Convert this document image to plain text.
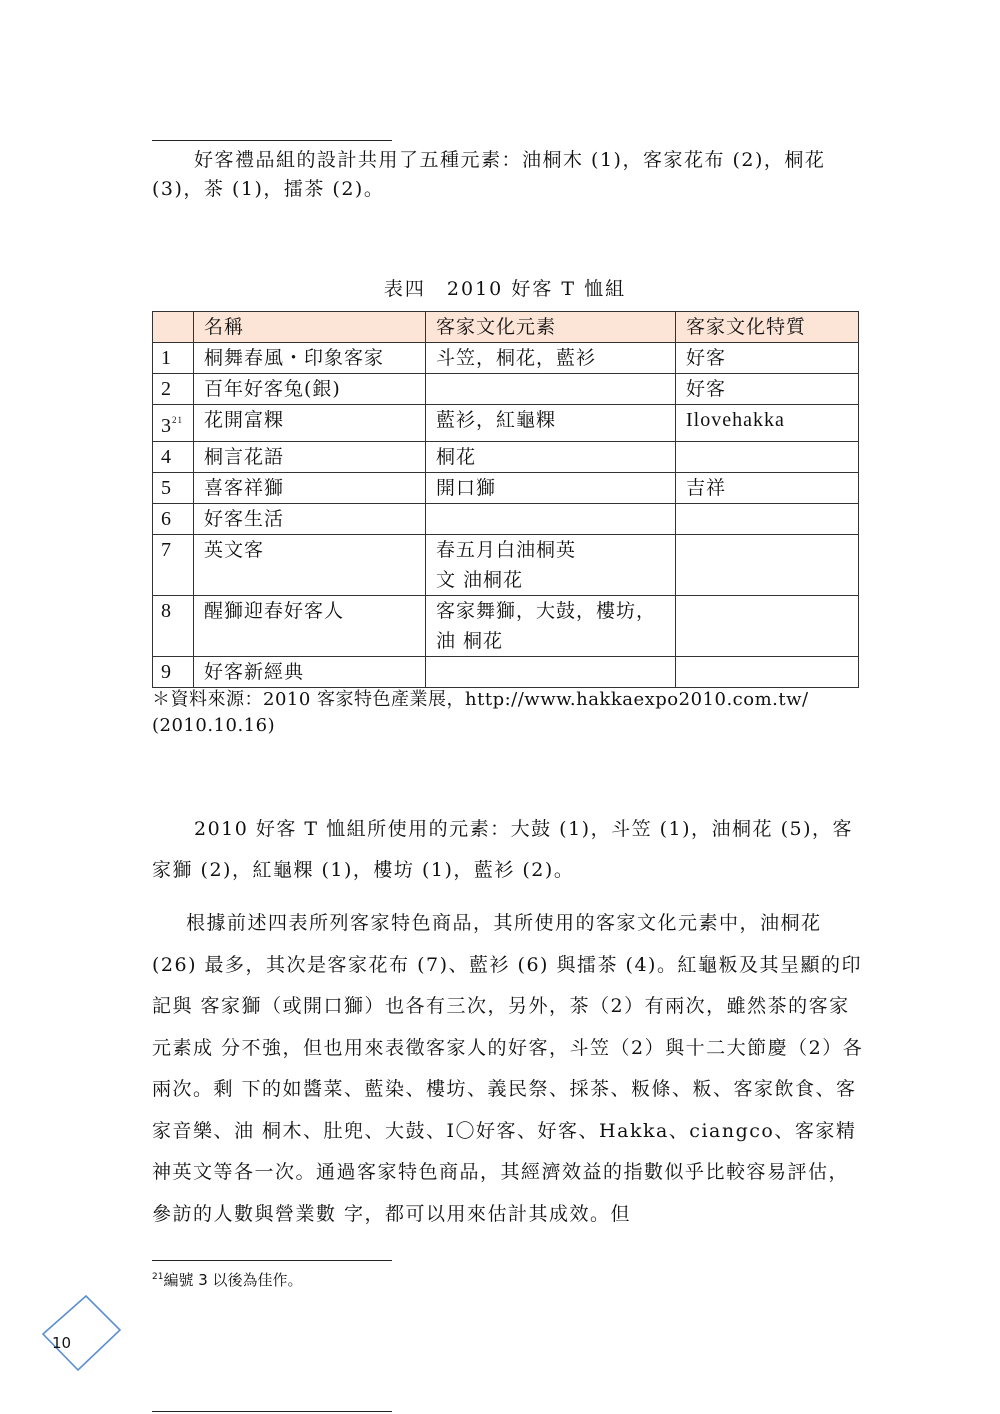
好客禮品組的設計共用了五種元素：油桐木 (1)，客家花布 (2)，桐花 (3)，茶 (1)，擂茶 (2)。

表四　2010 好客 T 恤組
	名稱	客家文化元素	客家文化特質
1	桐舞春風・印象客家	斗笠，桐花，藍衫	好客
2	百年好客兔(銀)		好客
3$^{21}$	花開富粿	藍衫，紅龜粿	Ilovehakka
4	桐言花語	桐花	
5	喜客祥獅	開口獅	吉祥
6	好客生活		
7	英文客	春五月白油桐英
文 油桐花	
8	醒獅迎春好客人	客家舞獅，大鼓，樓坊，
油 桐花	
9	好客新經典		

＊資料來源：2010 客家特色產業展，http://www.hakkaexpo2010.com.tw/

(2010.10.16)

2010 好客 T 恤組所使用的元素：大鼓 (1)，斗笠 (1)，油桐花 (5)，客家獅 (2)，紅龜粿 (1)，樓坊 (1)，藍衫 (2)。

根據前述四表所列客家特色商品，其所使用的客家文化元素中，油桐花 (26) 最多，其次是客家花布 (7)、藍衫 (6) 與擂茶 (4)。紅龜粄及其呈顯的印記與 客家獅（或開口獅）也各有三次，另外，茶（2）有兩次，雖然茶的客家元素成 分不強，但也用來表徵客家人的好客，斗笠（2）與十二大節慶（2）各兩次。剩 下的如醬菜、藍染、樓坊、義民祭、採茶、粄條、粄、客家飲食、客家音樂、油 桐木、肚兜、大鼓、I〇好客、好客、Hakka、ciangco、客家精神英文等各一次。通過客家特色商品，其經濟效益的指數似乎比較容易評估，參訪的人數與營業數 字，都可以用來估計其成效。但

$^{21}$編號 3 以後為佳作。
10
